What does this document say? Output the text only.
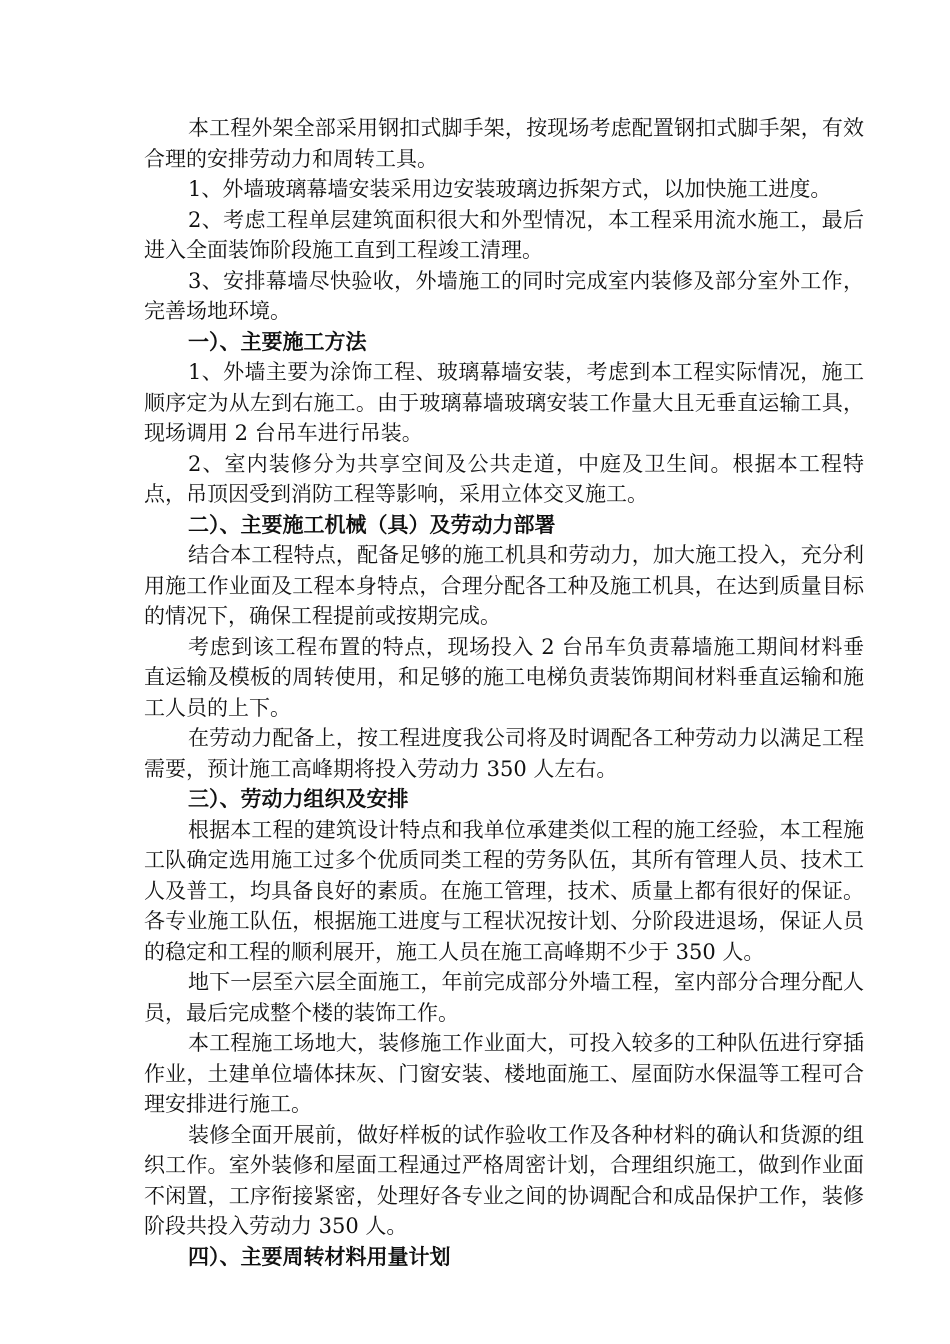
本工程外架全部采用钢扣式脚手架，按现场考虑配置钢扣式脚手架，有效合理的安排劳动力和周转工具。

1、外墙玻璃幕墙安装采用边安装玻璃边拆架方式，以加快施工进度。

2、考虑工程单层建筑面积很大和外型情况，本工程采用流水施工，最后进入全面装饰阶段施工直到工程竣工清理。

3、安排幕墙尽快验收，外墙施工的同时完成室内装修及部分室外工作，完善场地环境。

一）、主要施工方法

1、外墙主要为涂饰工程、玻璃幕墙安装，考虑到本工程实际情况，施工顺序定为从左到右施工。由于玻璃幕墙玻璃安装工作量大且无垂直运输工具，现场调用 2 台吊车进行吊装。

2、室内装修分为共享空间及公共走道，中庭及卫生间。根据本工程特点，吊顶因受到消防工程等影响，采用立体交叉施工。

二）、主要施工机械（具）及劳动力部署

结合本工程特点，配备足够的施工机具和劳动力，加大施工投入，充分利用施工作业面及工程本身特点，合理分配各工种及施工机具，在达到质量目标的情况下，确保工程提前或按期完成。

考虑到该工程布置的特点，现场投入 2 台吊车负责幕墙施工期间材料垂直运输及模板的周转使用，和足够的施工电梯负责装饰期间材料垂直运输和施工人员的上下。

在劳动力配备上，按工程进度我公司将及时调配各工种劳动力以满足工程需要，预计施工高峰期将投入劳动力 350 人左右。

三）、劳动力组织及安排

根据本工程的建筑设计特点和我单位承建类似工程的施工经验，本工程施工队确定选用施工过多个优质同类工程的劳务队伍，其所有管理人员、技术工人及普工，均具备良好的素质。在施工管理，技术、质量上都有很好的保证。各专业施工队伍，根据施工进度与工程状况按计划、分阶段进退场，保证人员的稳定和工程的顺利展开，施工人员在施工高峰期不少于 350 人。

地下一层至六层全面施工，年前完成部分外墙工程，室内部分合理分配人员，最后完成整个楼的装饰工作。

本工程施工场地大，装修施工作业面大，可投入较多的工种队伍进行穿插作业，土建单位墙体抹灰、门窗安装、楼地面施工、屋面防水保温等工程可合理安排进行施工。

装修全面开展前，做好样板的试作验收工作及各种材料的确认和货源的组织工作。室外装修和屋面工程通过严格周密计划，合理组织施工，做到作业面不闲置，工序衔接紧密，处理好各专业之间的协调配合和成品保护工作，装修阶段共投入劳动力 350 人。

四）、主要周转材料用量计划
